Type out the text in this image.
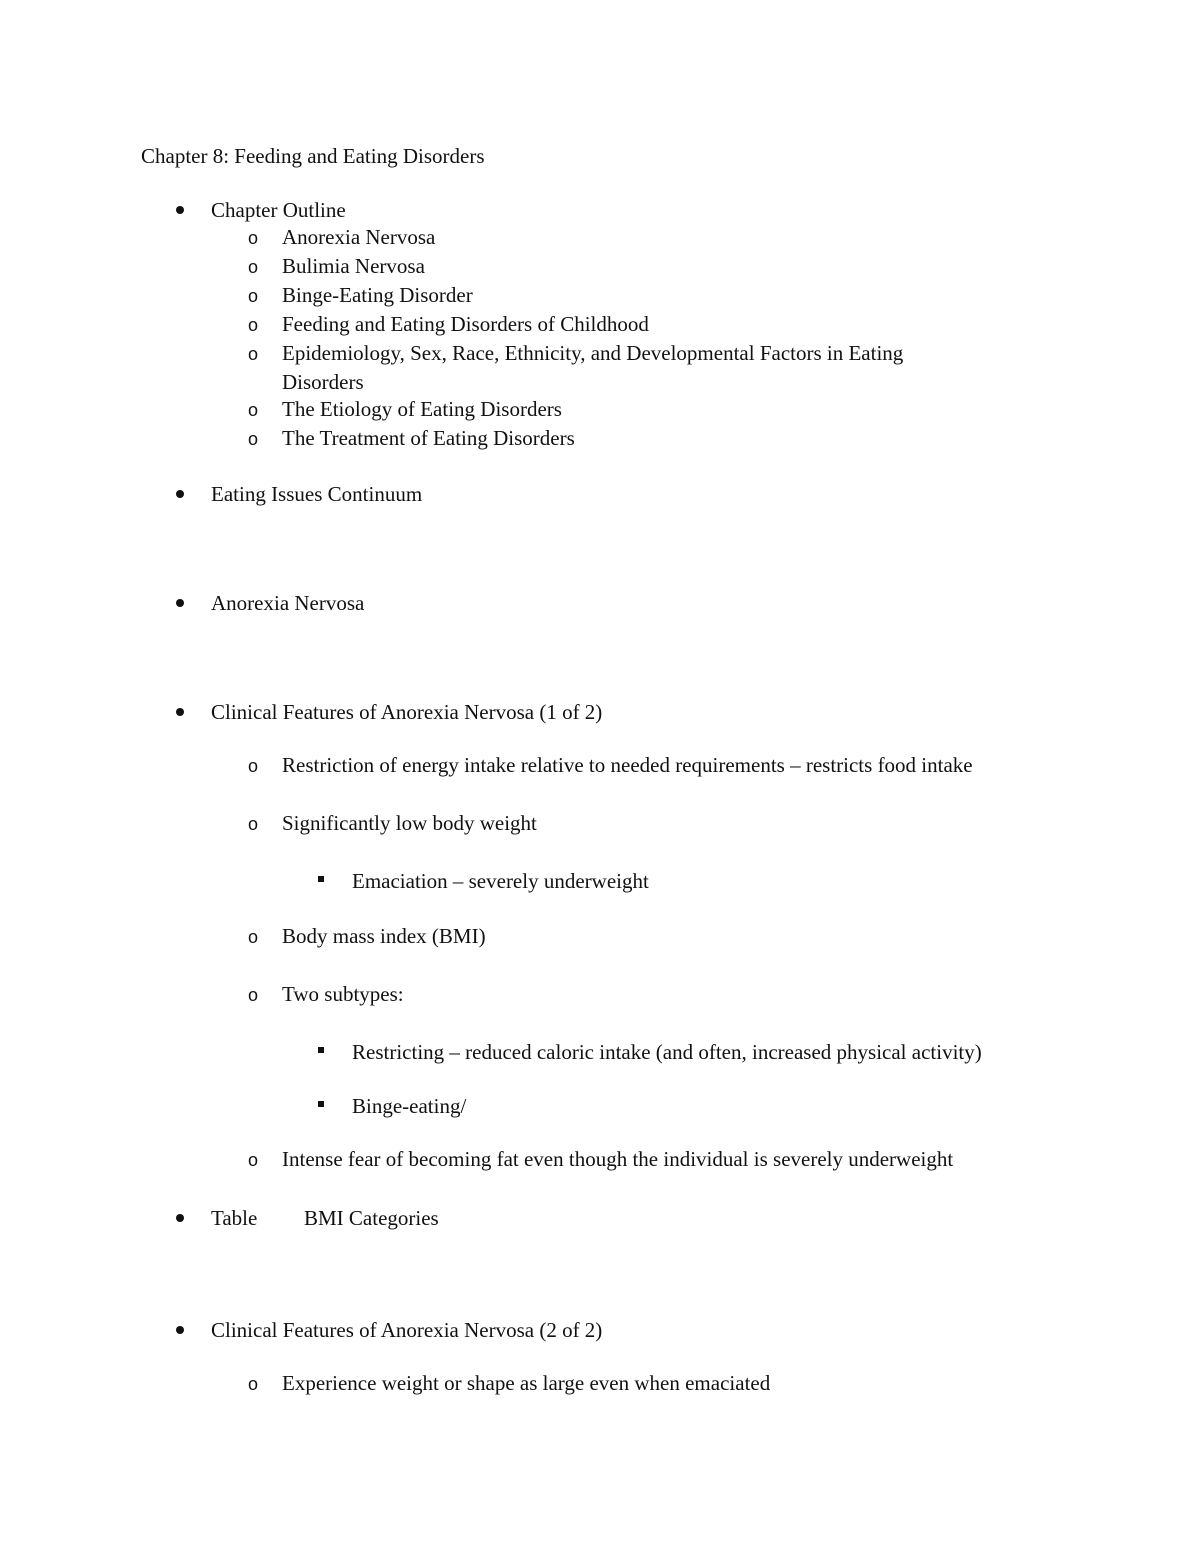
Chapter 8: Feeding and Eating Disorders
Chapter Outline
o Anorexia Nervosa
o Bulimia Nervosa
o Binge-Eating Disorder
o Feeding and Eating Disorders of Childhood
o Epidemiology, Sex, Race, Ethnicity, and Developmental Factors in Eating
Disorders
o The Etiology of Eating Disorders
o The Treatment of Eating Disorders
Eating Issues Continuum
Anorexia Nervosa
Clinical Features of Anorexia Nervosa (1 of 2)
o Restriction of energy intake relative to needed requirements – restricts food intake
o Significantly low body weight
Emaciation – severely underweight
o Body mass index (BMI)
o Two subtypes:
Restricting – reduced caloric intake (and often, increased physical activity)
Binge-eating/
o Intense fear of becoming fat even though the individual is severely underweight
Table BMI Categories
Clinical Features of Anorexia Nervosa (2 of 2)
o Experience weight or shape as large even when emaciated
